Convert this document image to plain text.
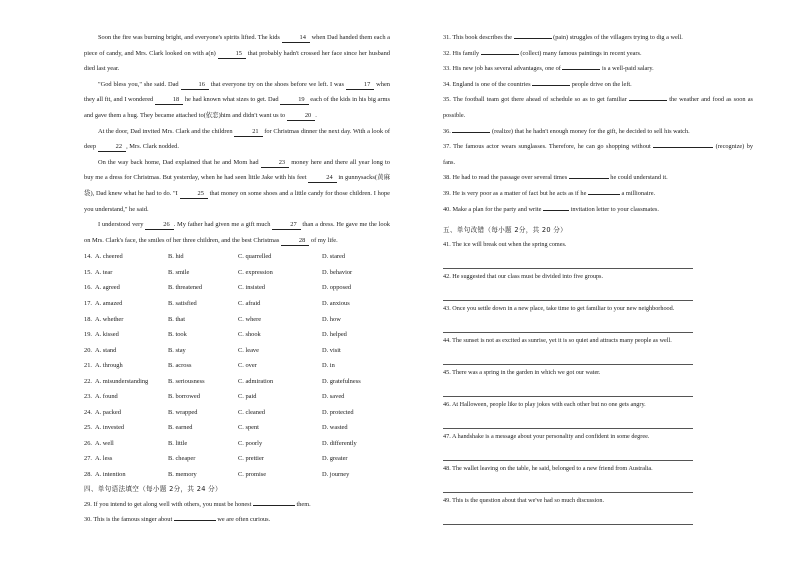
Soon the fire was burning bright, and everyone's spirits lifted. The kids	14 when Dad handed them each a piece of candy, and Mrs. Clark looked on with a(n)	15 that probably hadn't crossed her face since her husband died last year.

"God bless you," she said. Dad	16 that everyone try on the shoes before we left. I was	17 when they all fit, and I wondered	18 he had known what sizes to get. Dad	19 each of the kids in his big arms and gave them a hug. They became attached to(依恋)him and didn't want us to	20 .

At the door, Dad invited Mrs. Clark and the children	21 for Christmas dinner the next day. With a look of deep	22 , Mrs. Clark nodded.

On the way back home, Dad explained that he and Mom had	23 money here and there all year long to buy me a dress for Christmas. But yesterday, when he had seen little Jake with his feet	24 in gunnysacks(黄麻袋), Dad knew what he had to do. "I	25 that money on some shoes and a little candy for those children. I hope you understand," he said.

I understood very	26 . My father had given me a gift much	27 than a dress. He gave me the look on Mrs. Clark's face, the smiles of her three children, and the best Christmas	28 of my life.

14. A. cheered	B. hid	C. quarrelled	D. stared
15. A. tear	B. smile	C. expression	D. behavior
16. A. agreed	B. threatened	C. insisted	D. opposed
17. A. amazed	B. satisfied	C. afraid	D. anxious
18. A. whether	B. that	C. where	D. how
19. A. kissed	B. took	C. shook	D. helped
20. A. stand	B. stay	C. leave	D. visit
21. A. through	B. across	C. over	D. in
22. A. misunderstanding	B. seriousness	C. admiration	D. gratefulness
23. A. found	B. borrowed	C. paid	D. saved
24. A. packed	B. wrapped	C. cleaned	D. protected
25. A. invested	B. earned	C. spent	D. wasted
26. A. well	B. little	C. poorly	D. differently
27. A. less	B. cheaper	C. prettier	D. greater
28. A. intention	B. memory	C. promise	D. journey

四、单句语法填空（每小题 2分，共 24 分）

29. If you intend to get along well with others, you must be honest	them.

30. This is the famous singer about	we are often curious.

31. This book describes the	(pain) struggles of the villagers trying to dig a well.

32. His family	(collect) many famous paintings in recent years.

33. His new job has several advantages, one of	is a well-paid salary.

34. England is one of the countries	people drive on the left.

35. The football team got there ahead of schedule so as to get familiar	the weather and food as soon as possible.

36.	(realize) that he hadn't enough money for the gift, he decided to sell his watch.

37. The famous actor wears sunglasses. Therefore, he can go shopping without	(recognize) by fans.

38. He had to read the passage over several times	he could understand it.

39. He is very poor as a matter of fact but he acts as if he	a millionaire.

40. Make a plan for the party and write	invitation letter to your classmates.

五、单句改错（每小题 2分，共 20 分）

41. The ice will break out when the spring comes.

42. He suggested that our class must be divided into five groups.

43. Once you settle down in a new place, take time to get familiar to your new neighborhood.

44. The sunset is not as excited as sunrise, yet it is so quiet and attracts many people as well.

45. There was a spring in the garden in which we got our water.

46. At Halloween, people like to play jokes with each other but no one gets angry.

47. A handshake is a message about your personality and confident in some degree.

48. The wallet leaving on the table, he said, belonged to a new friend from Australia.

49. This is the question about that we've had so much discussion.
